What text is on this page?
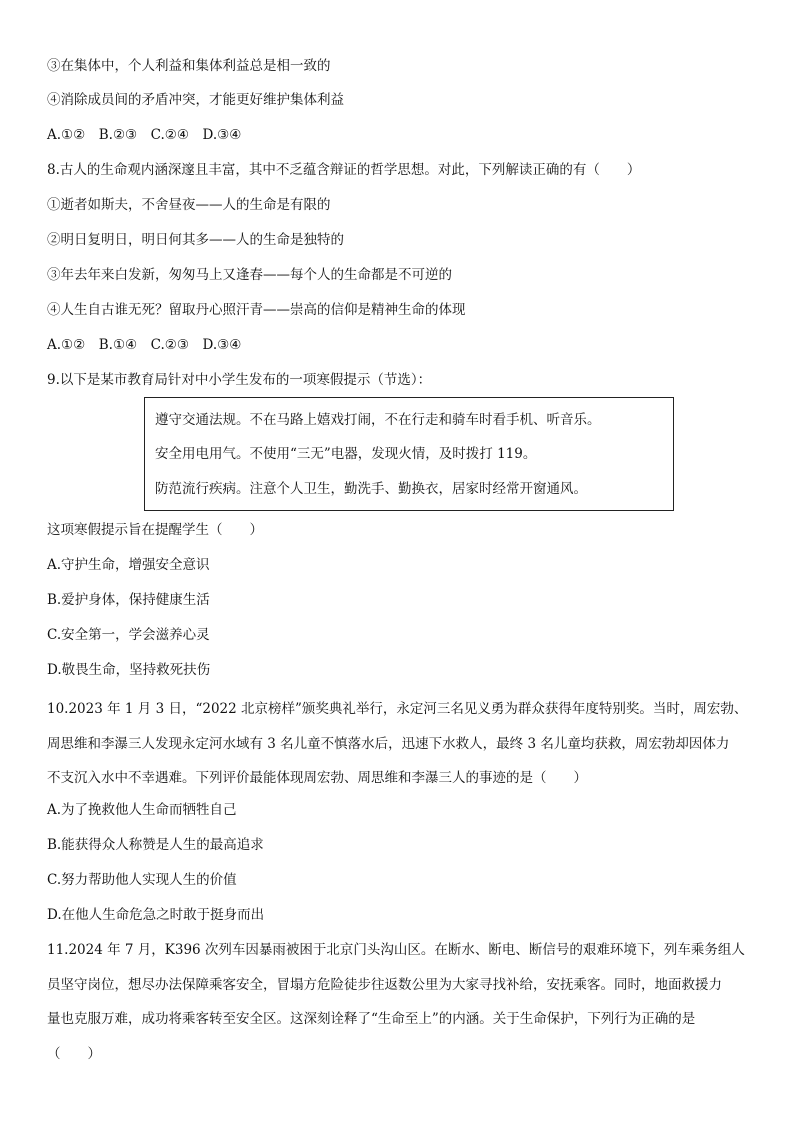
③在集体中，个人利益和集体利益总是相一致的
④消除成员间的矛盾冲突，才能更好维护集体利益
A.①②　B.②③　C.②④　D.③④
8.古人的生命观内涵深邃且丰富，其中不乏蕴含辩证的哲学思想。对此，下列解读正确的有（　　）
①逝者如斯夫，不舍昼夜——人的生命是有限的
②明日复明日，明日何其多——人的生命是独特的
③年去年来白发新，匆匆马上又逢春——每个人的生命都是不可逆的
④人生自古谁无死？留取丹心照汗青——崇高的信仰是精神生命的体现
A.①②　B.①④　C.②③　D.③④
9.以下是某市教育局针对中小学生发布的一项寒假提示（节选）：
遵守交通法规。不在马路上嬉戏打闹，不在行走和骑车时看手机、听音乐。
安全用电用气。不使用“三无”电器，发现火情，及时拨打 119。
防范流行疾病。注意个人卫生，勤洗手、勤换衣，居家时经常开窗通风。
这项寒假提示旨在提醒学生（　　）
A.守护生命，增强安全意识
B.爱护身体，保持健康生活
C.安全第一，学会滋养心灵
D.敬畏生命，坚持救死扶伤
10.2023 年 1 月 3 日，“2022 北京榜样”颁奖典礼举行，永定河三名见义勇为群众获得年度特别奖。当时，周宏勃、
周思维和李瀑三人发现永定河水域有 3 名儿童不慎落水后，迅速下水救人，最终 3 名儿童均获救，周宏勃却因体力
不支沉入水中不幸遇难。下列评价最能体现周宏勃、周思维和李瀑三人的事迹的是（　　）
A.为了挽救他人生命而牺牲自己
B.能获得众人称赞是人生的最高追求
C.努力帮助他人实现人生的价值
D.在他人生命危急之时敢于挺身而出
11.2024 年 7 月，K396 次列车因暴雨被困于北京门头沟山区。在断水、断电、断信号的艰难环境下，列车乘务组人
员坚守岗位，想尽办法保障乘客安全，冒塌方危险徒步往返数公里为大家寻找补给，安抚乘客。同时，地面救援力
量也克服万难，成功将乘客转至安全区。这深刻诠释了“生命至上”的内涵。关于生命保护，下列行为正确的是
（　　）
